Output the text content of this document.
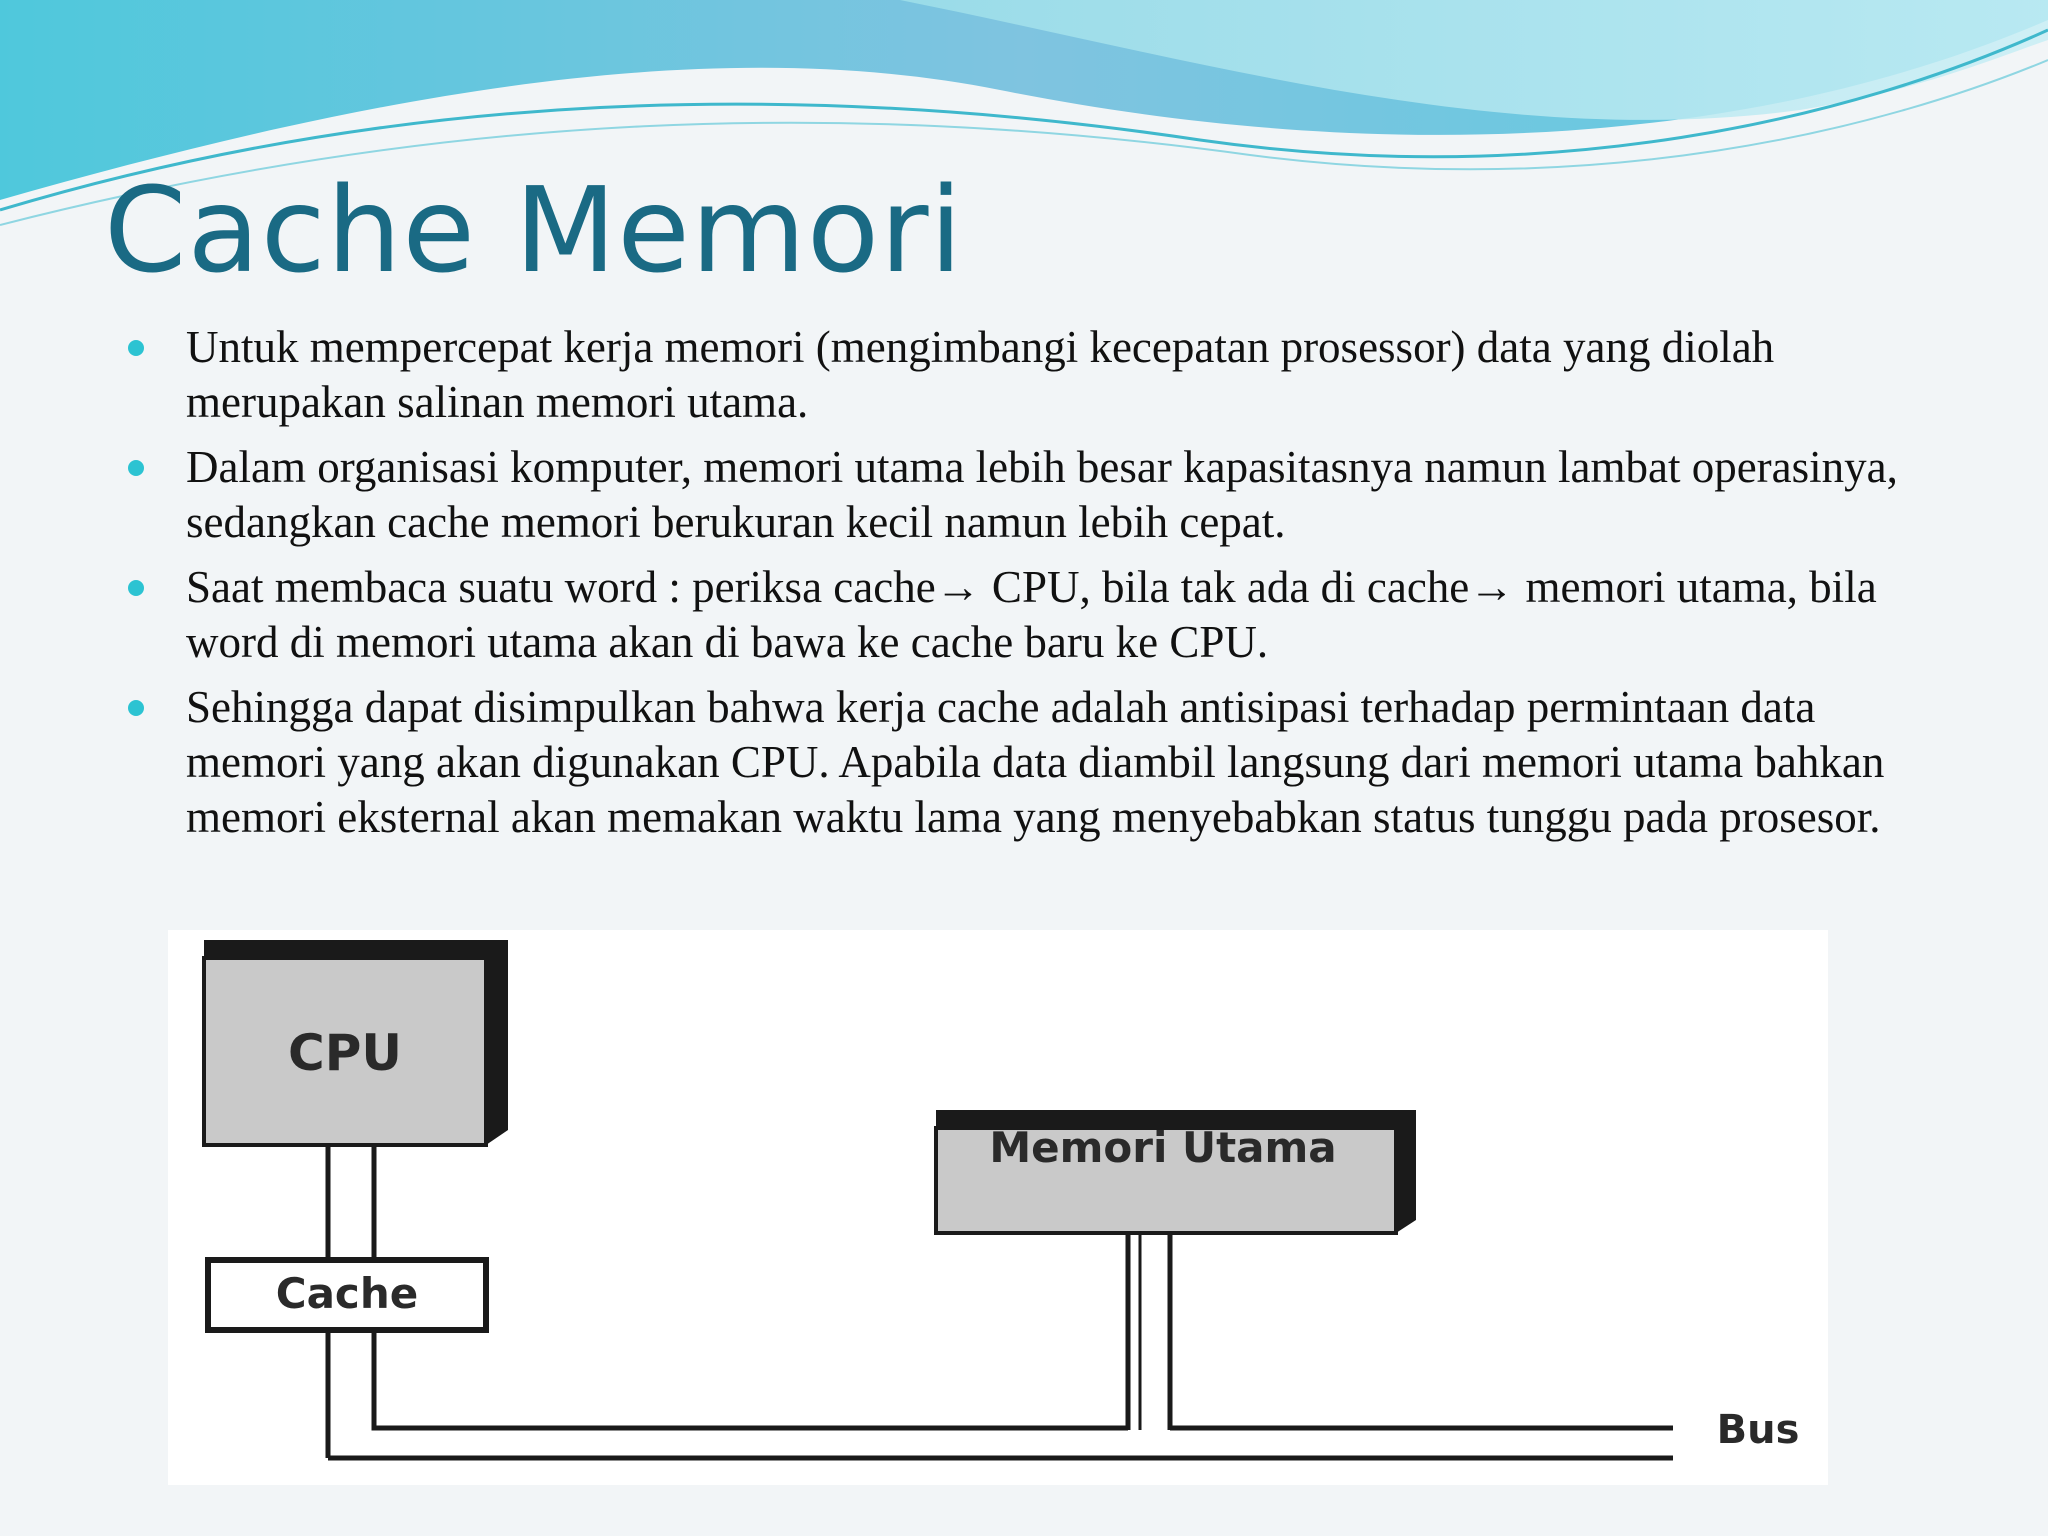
Cache Memori
Untuk mempercepat kerja memori (mengimbangi kecepatan prosessor) data yang diolah merupakan salinan memori utama.
Dalam organisasi komputer, memori utama lebih besar kapasitasnya namun lambat operasinya, sedangkan cache memori berukuran kecil namun lebih cepat.
Saat membaca suatu word : periksa cache→ CPU, bila tak ada di cache→ memori utama, bila word di memori utama akan di bawa ke cache baru ke CPU.
Sehingga dapat disimpulkan bahwa kerja cache adalah antisipasi terhadap permintaan data memori yang akan digunakan CPU. Apabila data diambil langsung dari memori utama bahkan memori eksternal akan memakan waktu lama yang menyebabkan status tunggu pada prosesor.
CPU
Cache
Memori Utama
Bus
